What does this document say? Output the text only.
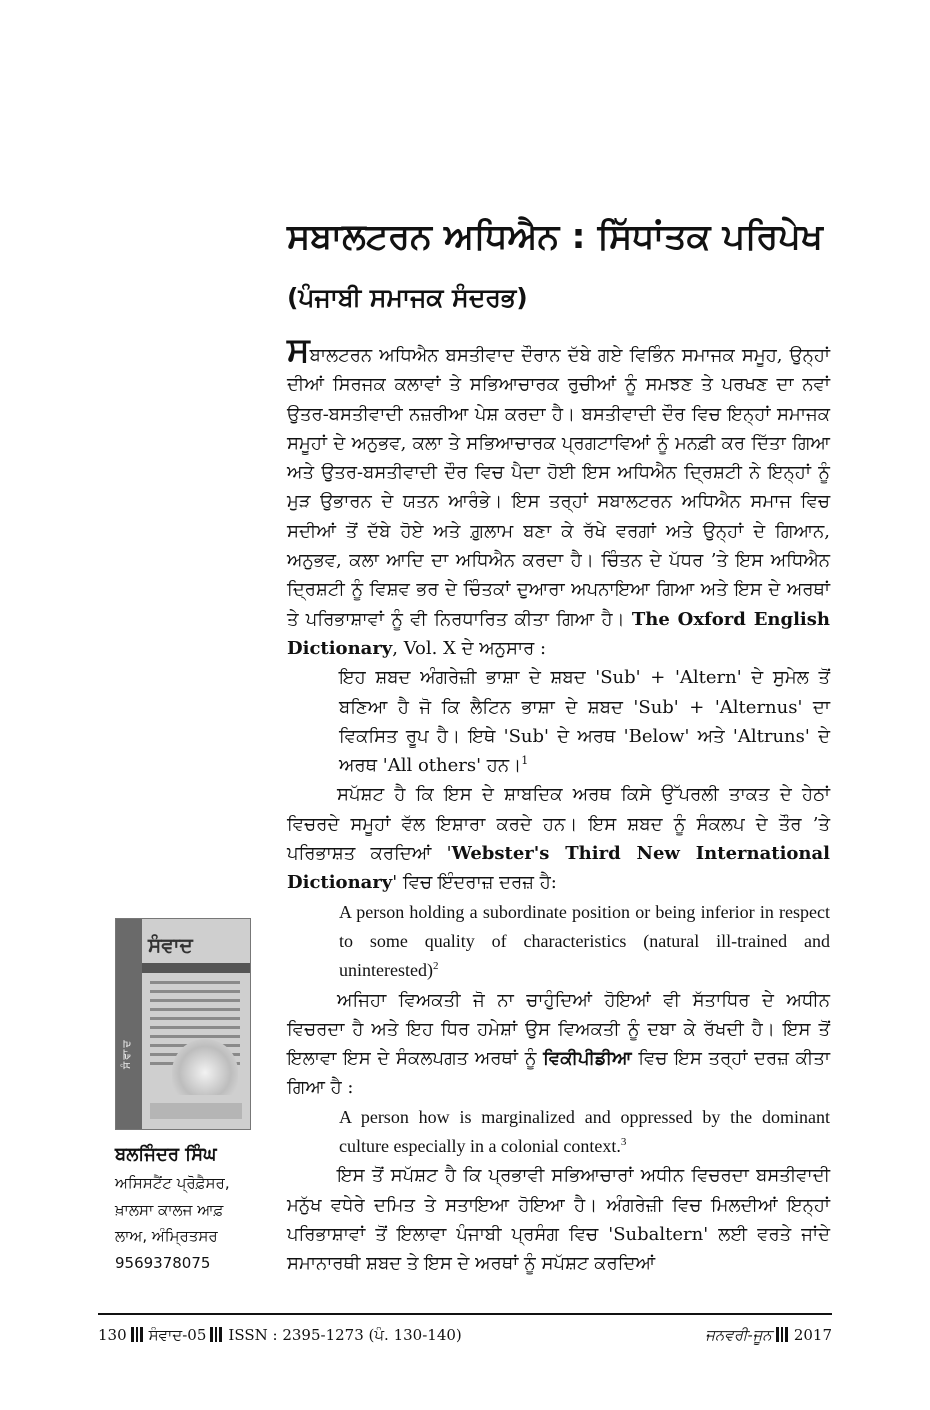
ਸਬਾਲਟਰਨ ਅਧਿਐਨ : ਸਿੱਧਾਂਤਕ ਪਰਿਪੇਖ
(ਪੰਜਾਬੀ ਸਮਾਜਕ ਸੰਦਰਭ)

ਸਬਾਲਟਰਨ ਅਧਿਐਨ ਬਸਤੀਵਾਦ ਦੌਰਾਨ ਦੱਬੇ ਗਏ ਵਿਭਿੰਨ ਸਮਾਜਕ ਸਮੂਹ, ਉਨ੍ਹਾਂ ਦੀਆਂ ਸਿਰਜਕ ਕਲਾਵਾਂ ਤੇ ਸਭਿਆਚਾਰਕ ਰੁਚੀਆਂ ਨੂੰ ਸਮਝਣ ਤੇ ਪਰਖਣ ਦਾ ਨਵਾਂ ਉਤਰ-ਬਸਤੀਵਾਦੀ ਨਜ਼ਰੀਆ ਪੇਸ਼ ਕਰਦਾ ਹੈ। ਬਸਤੀਵਾਦੀ ਦੌਰ ਵਿਚ ਇਨ੍ਹਾਂ ਸਮਾਜਕ ਸਮੂਹਾਂ ਦੇ ਅਨੁਭਵ, ਕਲਾ ਤੇ ਸਭਿਆਚਾਰਕ ਪ੍ਰਗਟਾਵਿਆਂ ਨੂੰ ਮਨਫ਼ੀ ਕਰ ਦਿੱਤਾ ਗਿਆ ਅਤੇ ਉਤਰ-ਬਸਤੀਵਾਦੀ ਦੌਰ ਵਿਚ ਪੈਦਾ ਹੋਈ ਇਸ ਅਧਿਐਨ ਦ੍ਰਿਸ਼ਟੀ ਨੇ ਇਨ੍ਹਾਂ ਨੂੰ ਮੁੜ ਉਭਾਰਨ ਦੇ ਯਤਨ ਆਰੰਭੇ। ਇਸ ਤਰ੍ਹਾਂ ਸਬਾਲਟਰਨ ਅਧਿਐਨ ਸਮਾਜ ਵਿਚ ਸਦੀਆਂ ਤੋਂ ਦੱਬੇ ਹੋਏ ਅਤੇ ਗ਼ੁਲਾਮ ਬਣਾ ਕੇ ਰੱਖੇ ਵਰਗਾਂ ਅਤੇ ਉਨ੍ਹਾਂ ਦੇ ਗਿਆਨ, ਅਨੁਭਵ, ਕਲਾ ਆਦਿ ਦਾ ਅਧਿਐਨ ਕਰਦਾ ਹੈ। ਚਿੰਤਨ ਦੇ ਪੱਧਰ ’ਤੇ ਇਸ ਅਧਿਐਨ ਦ੍ਰਿਸ਼ਟੀ ਨੂੰ ਵਿਸ਼ਵ ਭਰ ਦੇ ਚਿੰਤਕਾਂ ਦੁਆਰਾ ਅਪਨਾਇਆ ਗਿਆ ਅਤੇ ਇਸ ਦੇ ਅਰਥਾਂ ਤੇ ਪਰਿਭਾਸ਼ਾਵਾਂ ਨੂੰ ਵੀ ਨਿਰਧਾਰਿਤ ਕੀਤਾ ਗਿਆ ਹੈ। The Oxford English Dictionary, Vol. X ਦੇ ਅਨੁਸਾਰ :

ਇਹ ਸ਼ਬਦ ਅੰਗਰੇਜ਼ੀ ਭਾਸ਼ਾ ਦੇ ਸ਼ਬਦ 'Sub' + 'Altern' ਦੇ ਸੁਮੇਲ ਤੋਂ ਬਣਿਆ ਹੈ ਜੋ ਕਿ ਲੈਟਿਨ ਭਾਸ਼ਾ ਦੇ ਸ਼ਬਦ 'Sub' + 'Alternus' ਦਾ ਵਿਕਸਿਤ ਰੂਪ ਹੈ। ਇਥੇ 'Sub' ਦੇ ਅਰਥ 'Below' ਅਤੇ 'Altruns' ਦੇ ਅਰਥ 'All others' ਹਨ।$^1$

ਸਪੱਸ਼ਟ ਹੈ ਕਿ ਇਸ ਦੇ ਸ਼ਾਬਦਿਕ ਅਰਥ ਕਿਸੇ ਉੱਪਰਲੀ ਤਾਕਤ ਦੇ ਹੇਠਾਂ ਵਿਚਰਦੇ ਸਮੂਹਾਂ ਵੱਲ ਇਸ਼ਾਰਾ ਕਰਦੇ ਹਨ। ਇਸ ਸ਼ਬਦ ਨੂੰ ਸੰਕਲਪ ਦੇ ਤੌਰ ’ਤੇ ਪਰਿਭਾਸ਼ਤ ਕਰਦਿਆਂ 'Webster's Third New International Dictionary' ਵਿਚ ਇੰਦਰਾਜ਼ ਦਰਜ਼ ਹੈ:

A person holding a subordinate position or being inferior in respect to some quality of characteristics (natural ill-trained and uninterested)$^2$

ਅਜਿਹਾ ਵਿਅਕਤੀ ਜੋ ਨਾ ਚਾਹੁੰਦਿਆਂ ਹੋਇਆਂ ਵੀ ਸੱਤਾਧਿਰ ਦੇ ਅਧੀਨ ਵਿਚਰਦਾ ਹੈ ਅਤੇ ਇਹ ਧਿਰ ਹਮੇਸ਼ਾਂ ਉਸ ਵਿਅਕਤੀ ਨੂੰ ਦਬਾ ਕੇ ਰੱਖਦੀ ਹੈ। ਇਸ ਤੋਂ ਇਲਾਵਾ ਇਸ ਦੇ ਸੰਕਲਪਗਤ ਅਰਥਾਂ ਨੂੰ ਵਿਕੀਪੀਡੀਆ ਵਿਚ ਇਸ ਤਰ੍ਹਾਂ ਦਰਜ਼ ਕੀਤਾ ਗਿਆ ਹੈ :

A person how is marginalized and oppressed by the dominant culture especially in a colonial context.$^3$

ਇਸ ਤੋਂ ਸਪੱਸ਼ਟ ਹੈ ਕਿ ਪ੍ਰਭਾਵੀ ਸਭਿਆਚਾਰਾਂ ਅਧੀਨ ਵਿਚਰਦਾ ਬਸਤੀਵਾਦੀ ਮਨੁੱਖ ਵਧੇਰੇ ਦਮਿਤ ਤੇ ਸਤਾਇਆ ਹੋਇਆ ਹੈ। ਅੰਗਰੇਜ਼ੀ ਵਿਚ ਮਿਲਦੀਆਂ ਇਨ੍ਹਾਂ ਪਰਿਭਾਸ਼ਾਵਾਂ ਤੋਂ ਇਲਾਵਾ ਪੰਜਾਬੀ ਪ੍ਰਸੰਗ ਵਿਚ 'Subaltern' ਲਈ ਵਰਤੇ ਜਾਂਦੇ ਸਮਾਨਾਰਥੀ ਸ਼ਬਦ ਤੇ ਇਸ ਦੇ ਅਰਥਾਂ ਨੂੰ ਸਪੱਸ਼ਟ ਕਰਦਿਆਂ

ਸੰਵਾਦ
ਸੰਵਾਦ
ਬਲਜਿੰਦਰ ਸਿੰਘ
ਅਸਿਸਟੈਂਟ ਪ੍ਰੋਫ਼ੈਸਰ,
ਖ਼ਾਲਸਾ ਕਾਲਜ ਆਫ਼
ਲਾਅ, ਅੰਮ੍ਰਿਤਸਰ
9569378075
130 ਸੰਵਾਦ-05 ISSN : 2395-1273 (ਪੰ. 130-140)	ਜਨਵਰੀ-ਜੂਨ 2017
